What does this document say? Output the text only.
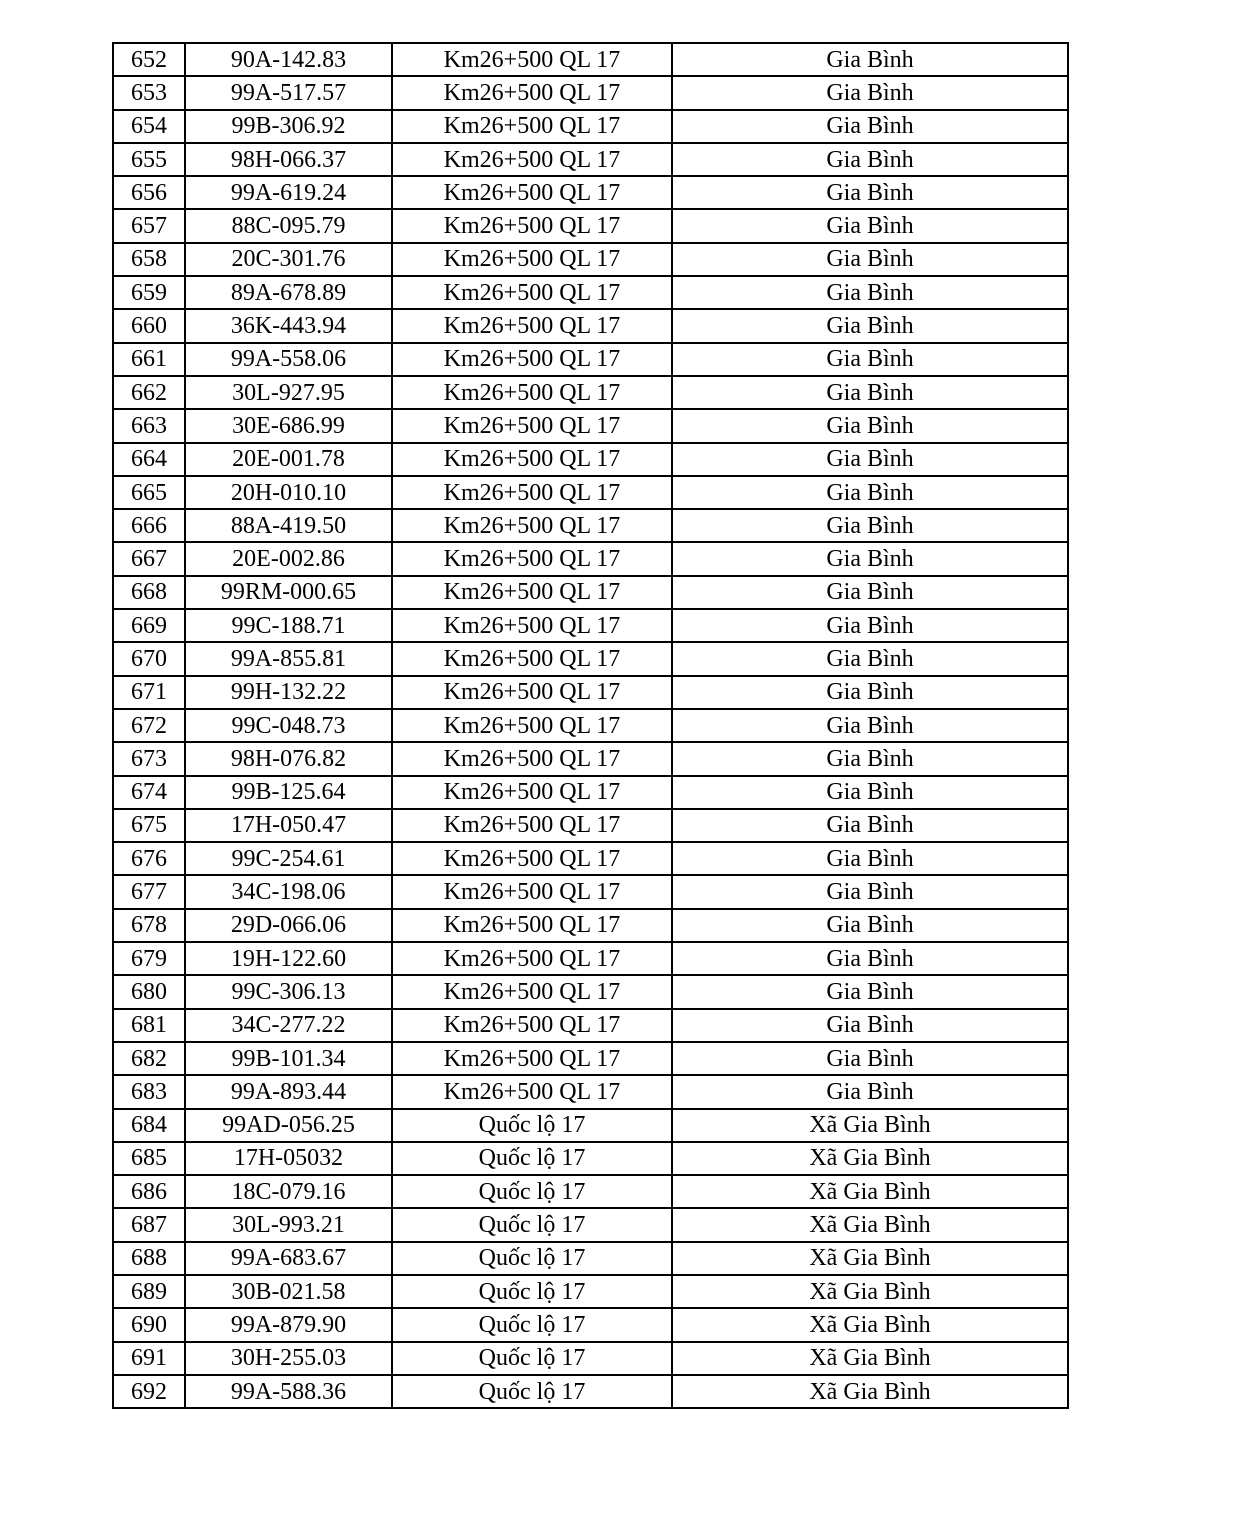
652	90A-142.83	Km26+500 QL 17	Gia Bình
653	99A-517.57	Km26+500 QL 17	Gia Bình
654	99B-306.92	Km26+500 QL 17	Gia Bình
655	98H-066.37	Km26+500 QL 17	Gia Bình
656	99A-619.24	Km26+500 QL 17	Gia Bình
657	88C-095.79	Km26+500 QL 17	Gia Bình
658	20C-301.76	Km26+500 QL 17	Gia Bình
659	89A-678.89	Km26+500 QL 17	Gia Bình
660	36K-443.94	Km26+500 QL 17	Gia Bình
661	99A-558.06	Km26+500 QL 17	Gia Bình
662	30L-927.95	Km26+500 QL 17	Gia Bình
663	30E-686.99	Km26+500 QL 17	Gia Bình
664	20E-001.78	Km26+500 QL 17	Gia Bình
665	20H-010.10	Km26+500 QL 17	Gia Bình
666	88A-419.50	Km26+500 QL 17	Gia Bình
667	20E-002.86	Km26+500 QL 17	Gia Bình
668	99RM-000.65	Km26+500 QL 17	Gia Bình
669	99C-188.71	Km26+500 QL 17	Gia Bình
670	99A-855.81	Km26+500 QL 17	Gia Bình
671	99H-132.22	Km26+500 QL 17	Gia Bình
672	99C-048.73	Km26+500 QL 17	Gia Bình
673	98H-076.82	Km26+500 QL 17	Gia Bình
674	99B-125.64	Km26+500 QL 17	Gia Bình
675	17H-050.47	Km26+500 QL 17	Gia Bình
676	99C-254.61	Km26+500 QL 17	Gia Bình
677	34C-198.06	Km26+500 QL 17	Gia Bình
678	29D-066.06	Km26+500 QL 17	Gia Bình
679	19H-122.60	Km26+500 QL 17	Gia Bình
680	99C-306.13	Km26+500 QL 17	Gia Bình
681	34C-277.22	Km26+500 QL 17	Gia Bình
682	99B-101.34	Km26+500 QL 17	Gia Bình
683	99A-893.44	Km26+500 QL 17	Gia Bình
684	99AD-056.25	Quốc lộ 17	Xã Gia Bình
685	17H-05032	Quốc lộ 17	Xã Gia Bình
686	18C-079.16	Quốc lộ 17	Xã Gia Bình
687	30L-993.21	Quốc lộ 17	Xã Gia Bình
688	99A-683.67	Quốc lộ 17	Xã Gia Bình
689	30B-021.58	Quốc lộ 17	Xã Gia Bình
690	99A-879.90	Quốc lộ 17	Xã Gia Bình
691	30H-255.03	Quốc lộ 17	Xã Gia Bình
692	99A-588.36	Quốc lộ 17	Xã Gia Bình
